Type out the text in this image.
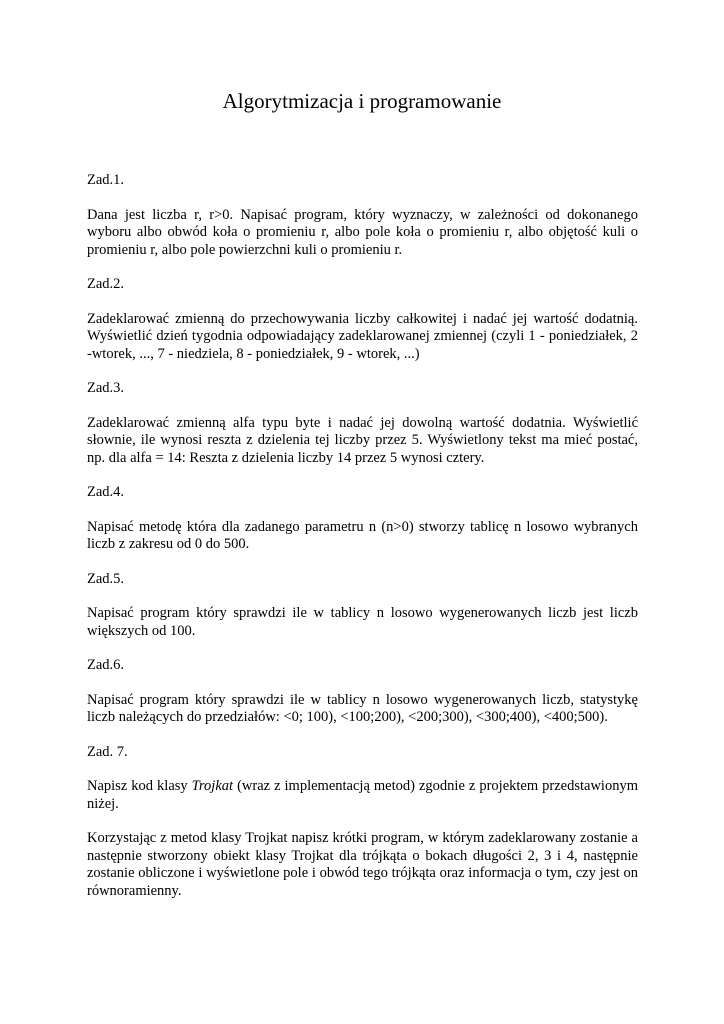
Algorytmizacja i programowanie

Zad.1.

Dana jest liczba r, r>0. Napisać program, który wyznaczy, w zależności od dokonanego wyboru albo obwód koła o promieniu r, albo pole koła o promieniu r, albo objętość kuli o promieniu r, albo pole powierzchni kuli o promieniu r.

Zad.2.

Zadeklarować zmienną do przechowywania liczby całkowitej i nadać jej wartość dodatnią. Wyświetlić dzień tygodnia odpowiadający zadeklarowanej zmiennej (czyli 1 - poniedziałek, 2 -wtorek, ..., 7 - niedziela, 8 - poniedziałek, 9 - wtorek, ...)

Zad.3.

Zadeklarować zmienną alfa typu byte i nadać jej dowolną wartość dodatnia. Wyświetlić słownie, ile wynosi reszta z dzielenia tej liczby przez 5. Wyświetlony tekst ma mieć postać, np. dla alfa = 14: Reszta z dzielenia liczby 14 przez 5 wynosi cztery.

Zad.4.

Napisać metodę która dla zadanego parametru n (n>0) stworzy tablicę n losowo wybranych liczb z zakresu od 0 do 500.

Zad.5.

Napisać program który sprawdzi ile w tablicy n losowo wygenerowanych liczb jest liczb większych od 100.

Zad.6.

Napisać program który sprawdzi ile w tablicy n losowo wygenerowanych liczb, statystykę liczb należących do przedziałów: <0; 100), <100;200), <200;300), <300;400), <400;500).

Zad. 7.

Napisz kod klasy Trojkat (wraz z implementacją metod) zgodnie z projektem przedstawionym niżej.

Korzystając z metod klasy Trojkat napisz krótki program, w którym zadeklarowany zostanie a następnie stworzony obiekt klasy Trojkat dla trójkąta o bokach długości 2, 3 i 4, następnie zostanie obliczone i wyświetlone pole i obwód tego trójkąta oraz informacja o tym, czy jest on równoramienny.
